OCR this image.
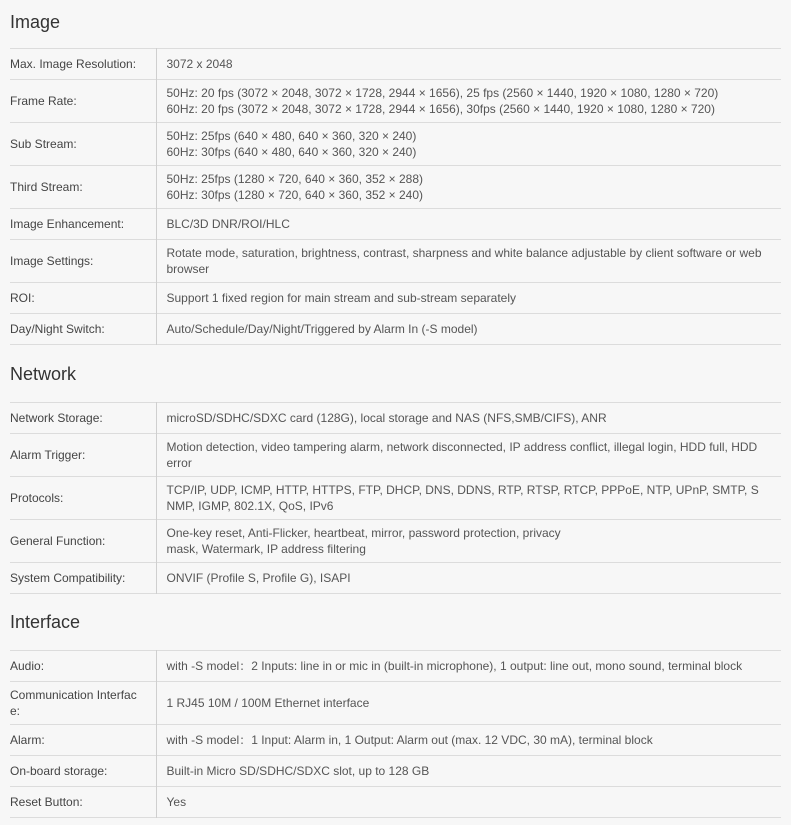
Image
Max. Image Resolution:	3072 x 2048

Frame Rate:	50Hz: 20 fps (3072 × 2048, 3072 × 1728, 2944 × 1656), 25 fps (2560 × 1440, 1920 × 1080, 1280 × 720)
60Hz: 20 fps (3072 × 2048, 3072 × 1728, 2944 × 1656), 30fps (2560 × 1440, 1920 × 1080, 1280 × 720)

Sub Stream:	50Hz: 25fps (640 × 480, 640 × 360, 320 × 240)
60Hz: 30fps (640 × 480, 640 × 360, 320 × 240)

Third Stream:	50Hz: 25fps (1280 × 720, 640 × 360, 352 × 288)
60Hz: 30fps (1280 × 720, 640 × 360, 352 × 240)

Image Enhancement:	BLC/3D DNR/ROI/HLC

Image Settings:	Rotate mode, saturation, brightness, contrast, sharpness and white balance adjustable by client software or web
browser

ROI:	Support 1 fixed region for main stream and sub-stream separately

Day/Night Switch:	Auto/Schedule/Day/Night/Triggered by Alarm In (-S model)
Network
Network Storage:	microSD/SDHC/SDXC card (128G), local storage and NAS (NFS,SMB/CIFS), ANR

Alarm Trigger:	Motion detection, video tampering alarm, network disconnected, IP address conflict, illegal login, HDD full, HDD
error

Protocols:	TCP/IP, UDP, ICMP, HTTP, HTTPS, FTP, DHCP, DNS, DDNS, RTP, RTSP, RTCP, PPPoE, NTP, UPnP, SMTP, S
NMP, IGMP, 802.1X, QoS, IPv6

General Function:	One-key reset, Anti-Flicker, heartbeat, mirror, password protection, privacy
mask, Watermark, IP address filtering

System Compatibility:	ONVIF (Profile S, Profile G), ISAPI
Interface
Audio:	with -S model：2 Inputs: line in or mic in (built-in microphone), 1 output: line out, mono sound, terminal block

Communication Interfac
e:	1 RJ45 10M / 100M Ethernet interface

Alarm:	with -S model：1 Input: Alarm in, 1 Output: Alarm out (max. 12 VDC, 30 mA), terminal block

On-board storage:	Built-in Micro SD/SDHC/SDXC slot, up to 128 GB

Reset Button:	Yes
